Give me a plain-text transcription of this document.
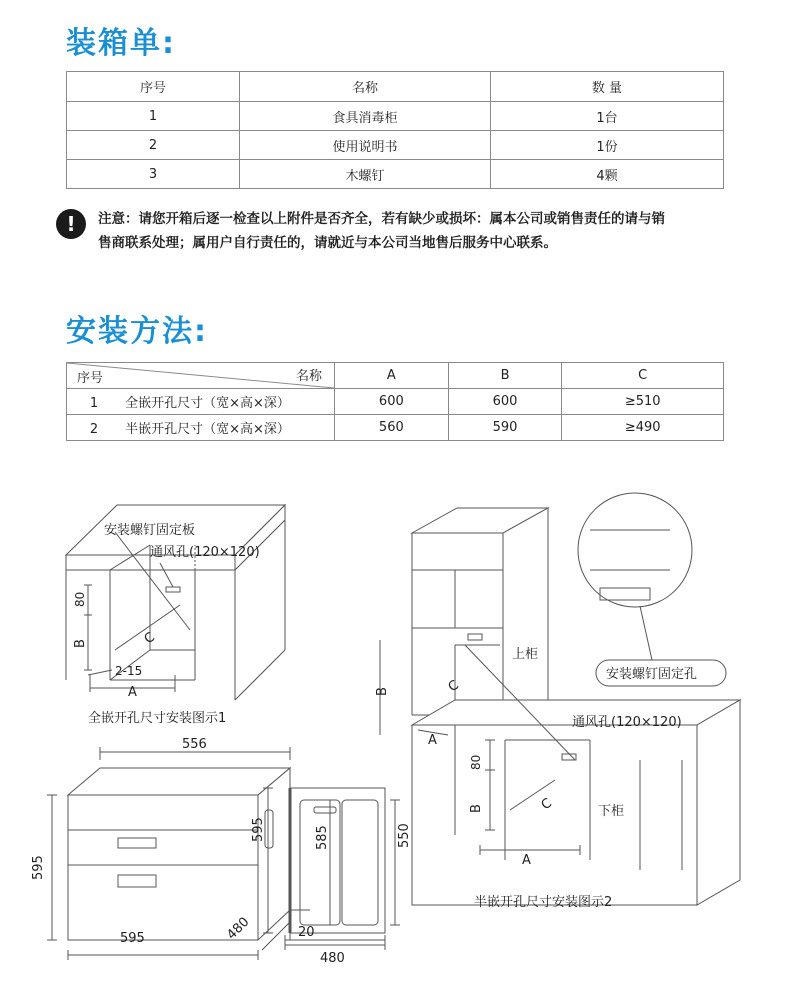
装箱单:
序号	名称	数 量
1	食具消毒柜	1台
2	使用说明书	1份
3	木螺钉	4颗
!	注意：请您开箱后逐一检查以上附件是否齐全，若有缺少或损坏：属本公司或销售责任的请与销
售商联系处理；属用户自行责任的，请就近与本公司当地售后服务中心联系。
安装方法:
序号 名称	A	B	C
1 全嵌开孔尺寸（宽×高×深）	600	600	≥510
2 半嵌开孔尺寸（宽×高×深）	560	590	≥490
安装螺钉固定板
通风孔(120×120)
80
B	C
2-15
A
全嵌开孔尺寸安装图示1
556
595
595	480
595	585	550
20
480
上柜
下柜
通风孔(120×120)
安装螺钉固定孔
B	C
A
80
B	C
A
半嵌开孔尺寸安装图示2
